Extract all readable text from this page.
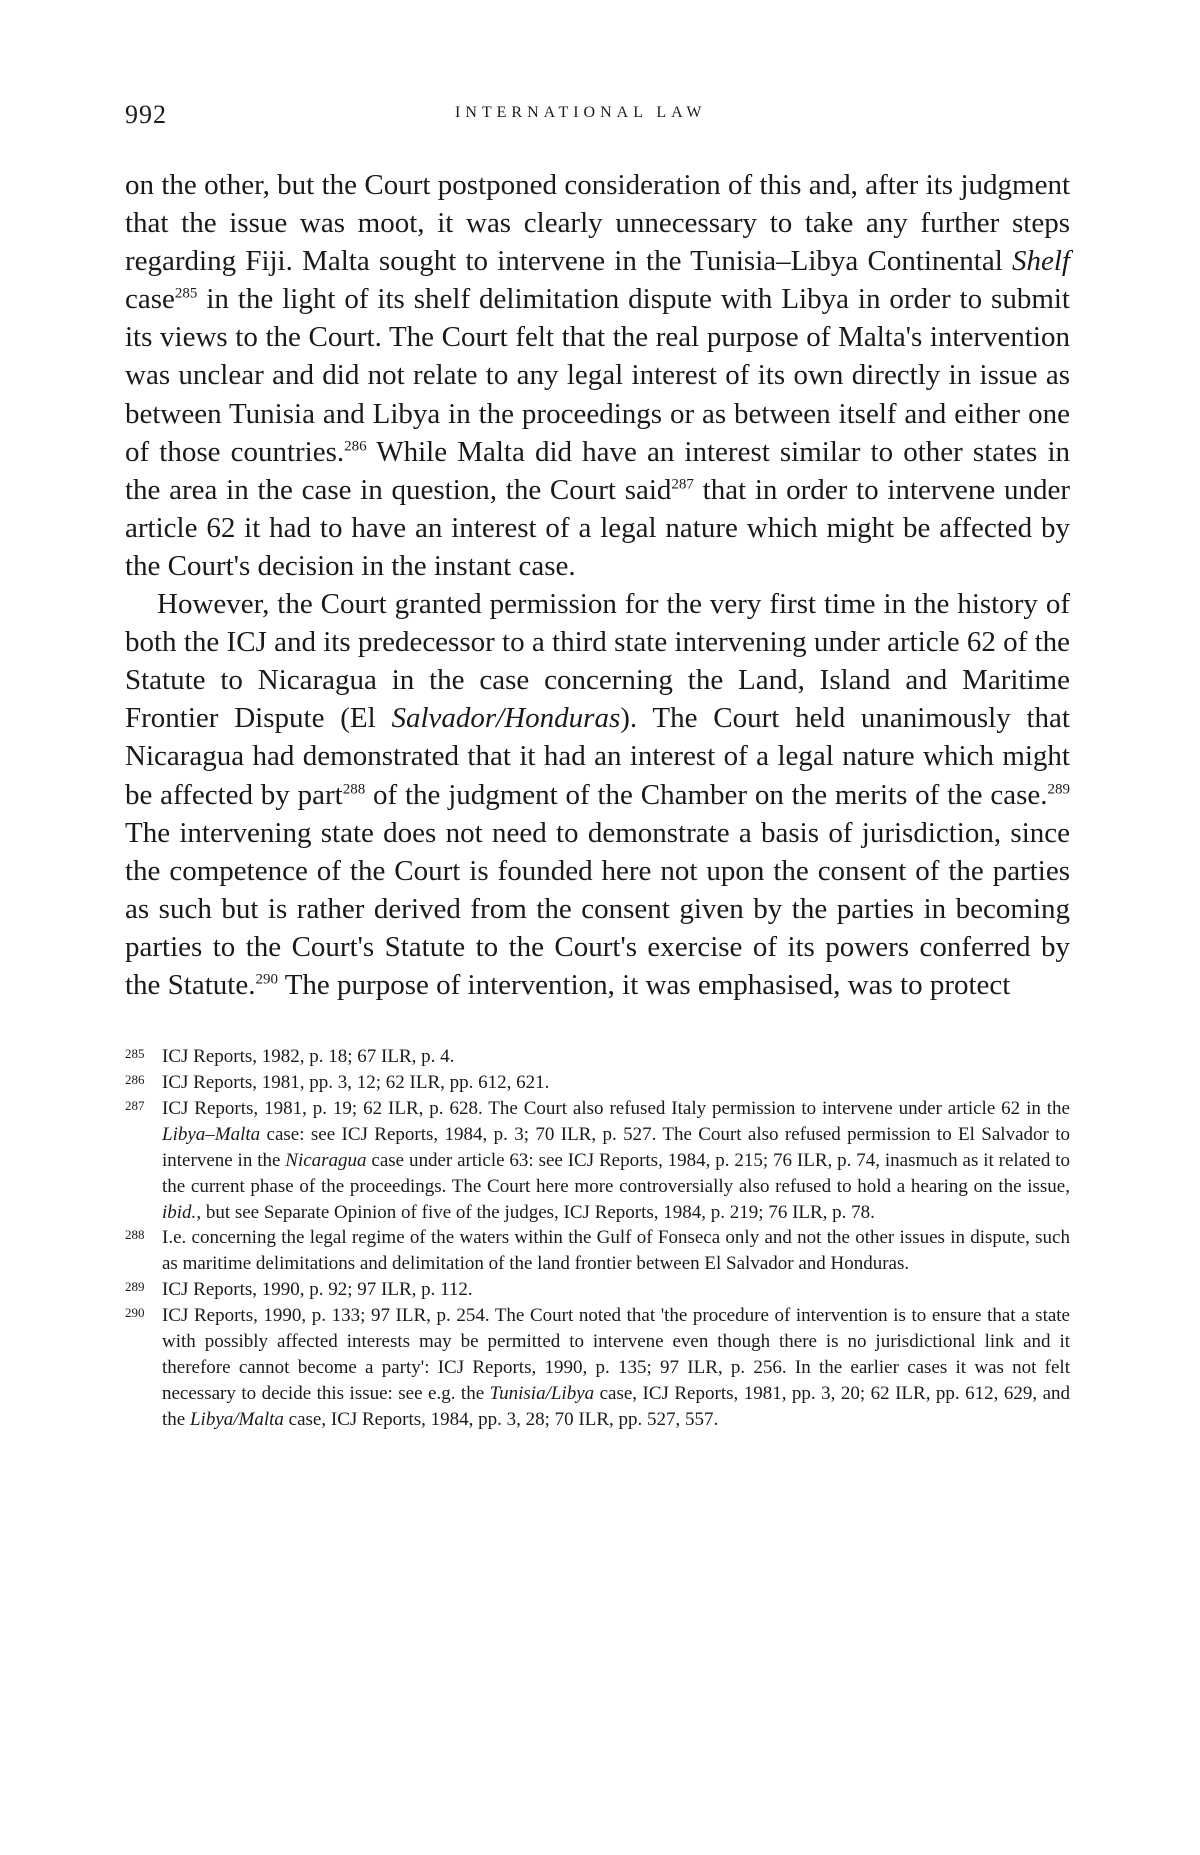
992	INTERNATIONAL LAW

on the other, but the Court postponed consideration of this and, after its judgment that the issue was moot, it was clearly unnecessary to take any further steps regarding Fiji. Malta sought to intervene in the Tunisia–Libya Continental Shelf case$^{285}$ in the light of its shelf delimitation dispute with Libya in order to submit its views to the Court. The Court felt that the real purpose of Malta's intervention was unclear and did not relate to any legal interest of its own directly in issue as between Tunisia and Libya in the proceedings or as between itself and either one of those countries.$^{286}$ While Malta did have an interest similar to other states in the area in the case in question, the Court said$^{287}$ that in order to intervene under article 62 it had to have an interest of a legal nature which might be affected by the Court's decision in the instant case.

However, the Court granted permission for the very first time in the history of both the ICJ and its predecessor to a third state intervening under article 62 of the Statute to Nicaragua in the case concerning the Land, Island and Maritime Frontier Dispute (El Salvador/Honduras). The Court held unanimously that Nicaragua had demonstrated that it had an interest of a legal nature which might be affected by part$^{288}$ of the judgment of the Chamber on the merits of the case.$^{289}$ The intervening state does not need to demonstrate a basis of jurisdiction, since the competence of the Court is founded here not upon the consent of the parties as such but is rather derived from the consent given by the parties in becoming parties to the Court's Statute to the Court's exercise of its powers conferred by the Statute.$^{290}$ The purpose of intervention, it was emphasised, was to protect

285 ICJ Reports, 1982, p. 18; 67 ILR, p. 4.
286 ICJ Reports, 1981, pp. 3, 12; 62 ILR, pp. 612, 621.
287 ICJ Reports, 1981, p. 19; 62 ILR, p. 628. The Court also refused Italy permission to intervene under article 62 in the Libya–Malta case: see ICJ Reports, 1984, p. 3; 70 ILR, p. 527. The Court also refused permission to El Salvador to intervene in the Nicaragua case under article 63: see ICJ Reports, 1984, p. 215; 76 ILR, p. 74, inasmuch as it related to the current phase of the proceedings. The Court here more controversially also refused to hold a hearing on the issue, ibid., but see Separate Opinion of five of the judges, ICJ Reports, 1984, p. 219; 76 ILR, p. 78.
288 I.e. concerning the legal regime of the waters within the Gulf of Fonseca only and not the other issues in dispute, such as maritime delimitations and delimitation of the land frontier between El Salvador and Honduras.
289 ICJ Reports, 1990, p. 92; 97 ILR, p. 112.
290 ICJ Reports, 1990, p. 133; 97 ILR, p. 254. The Court noted that 'the procedure of intervention is to ensure that a state with possibly affected interests may be permitted to intervene even though there is no jurisdictional link and it therefore cannot become a party': ICJ Reports, 1990, p. 135; 97 ILR, p. 256. In the earlier cases it was not felt necessary to decide this issue: see e.g. the Tunisia/Libya case, ICJ Reports, 1981, pp. 3, 20; 62 ILR, pp. 612, 629, and the Libya/Malta case, ICJ Reports, 1984, pp. 3, 28; 70 ILR, pp. 527, 557.
